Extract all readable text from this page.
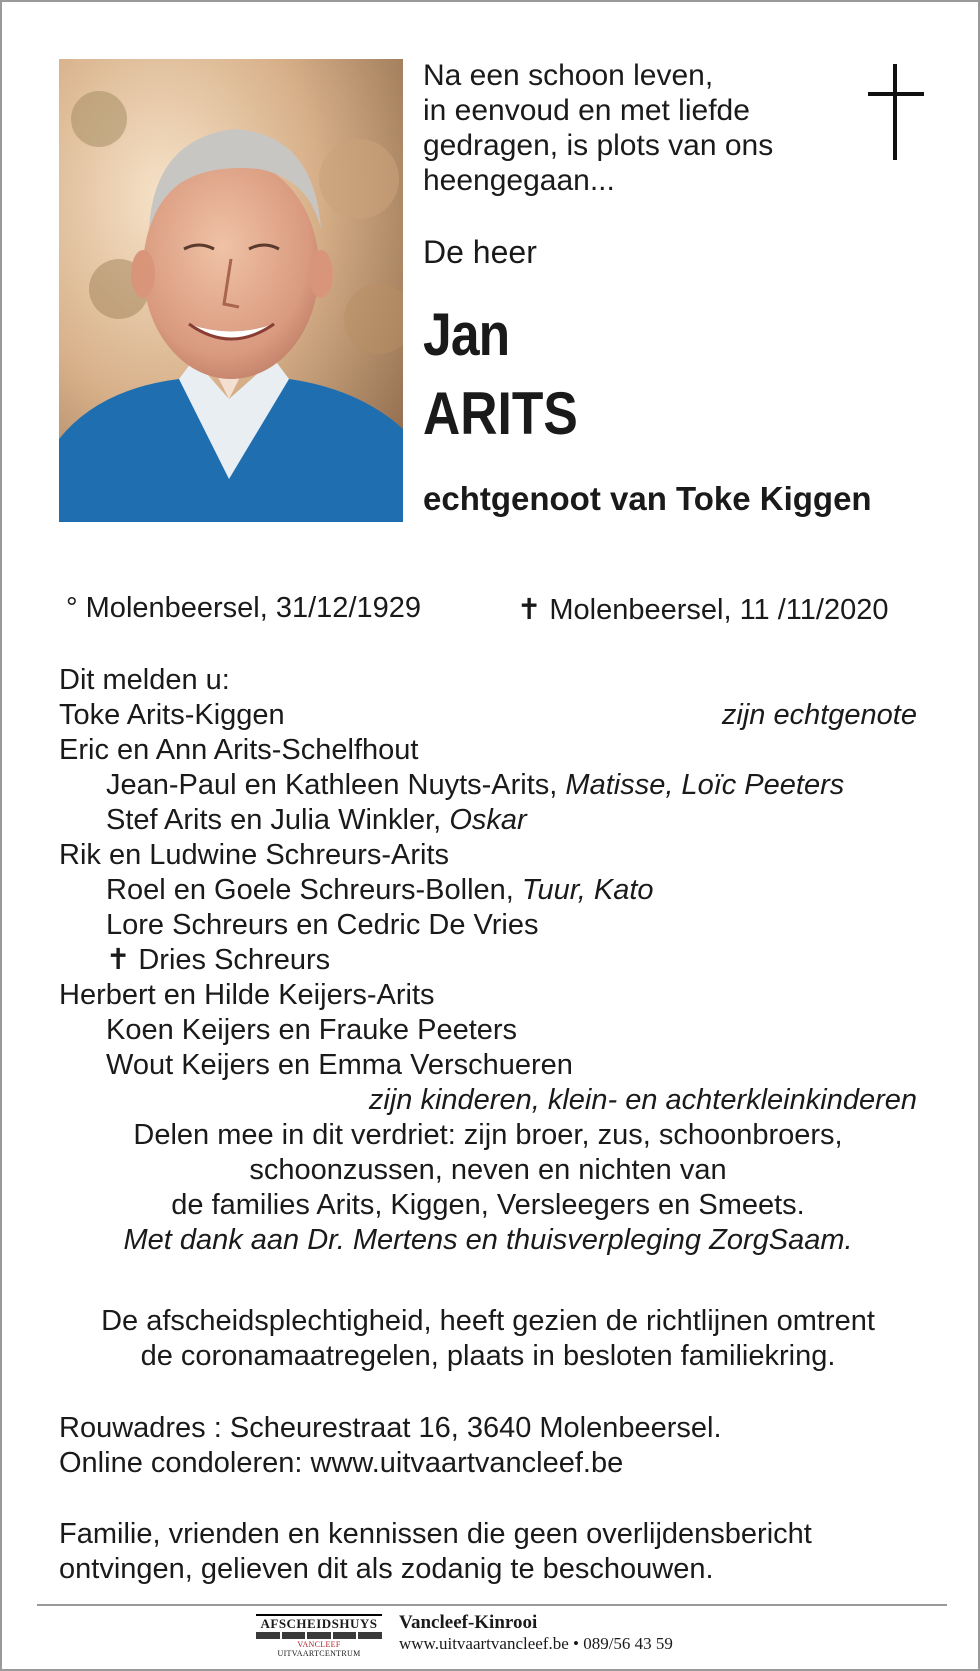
Na een schoon leven,
in eenvoud en met liefde
gedragen, is plots van ons
heengegaan...
De heer
Jan
ARITS
echtgenoot van Toke Kiggen
° Molenbeersel, 31/12/1929	✝ Molenbeersel, 11 /11/2020
Dit melden u:
Toke Arits-Kiggen	zijn echtgenote
Eric en Ann Arits-Schelfhout
Jean-Paul en Kathleen Nuyts-Arits, Matisse, Loïc Peeters
Stef Arits en Julia Winkler, Oskar
Rik en Ludwine Schreurs-Arits
Roel en Goele Schreurs-Bollen, Tuur, Kato
Lore Schreurs en Cedric De Vries
✝ Dries Schreurs
Herbert en Hilde Keijers-Arits
Koen Keijers en Frauke Peeters
Wout Keijers en Emma Verschueren
zijn kinderen, klein- en achterkleinkinderen
Delen mee in dit verdriet: zijn broer, zus, schoonbroers,
schoonzussen, neven en nichten van
de families Arits, Kiggen, Versleegers en Smeets.
Met dank aan Dr. Mertens en thuisverpleging ZorgSaam.
De afscheidsplechtigheid, heeft gezien de richtlijnen omtrent
de coronamaatregelen, plaats in besloten familiekring.
Rouwadres : Scheurestraat 16, 3640 Molenbeersel.
Online condoleren: www.uitvaartvancleef.be
Familie, vrienden en kennissen die geen overlijdensbericht
ontvingen, gelieven dit als zodanig te beschouwen.
AFSCHEIDSHUYS
VANCLEEF UITVAARTCENTRUM
Vancleef-Kinrooi
www.uitvaartvancleef.be • 089/56 43 59
